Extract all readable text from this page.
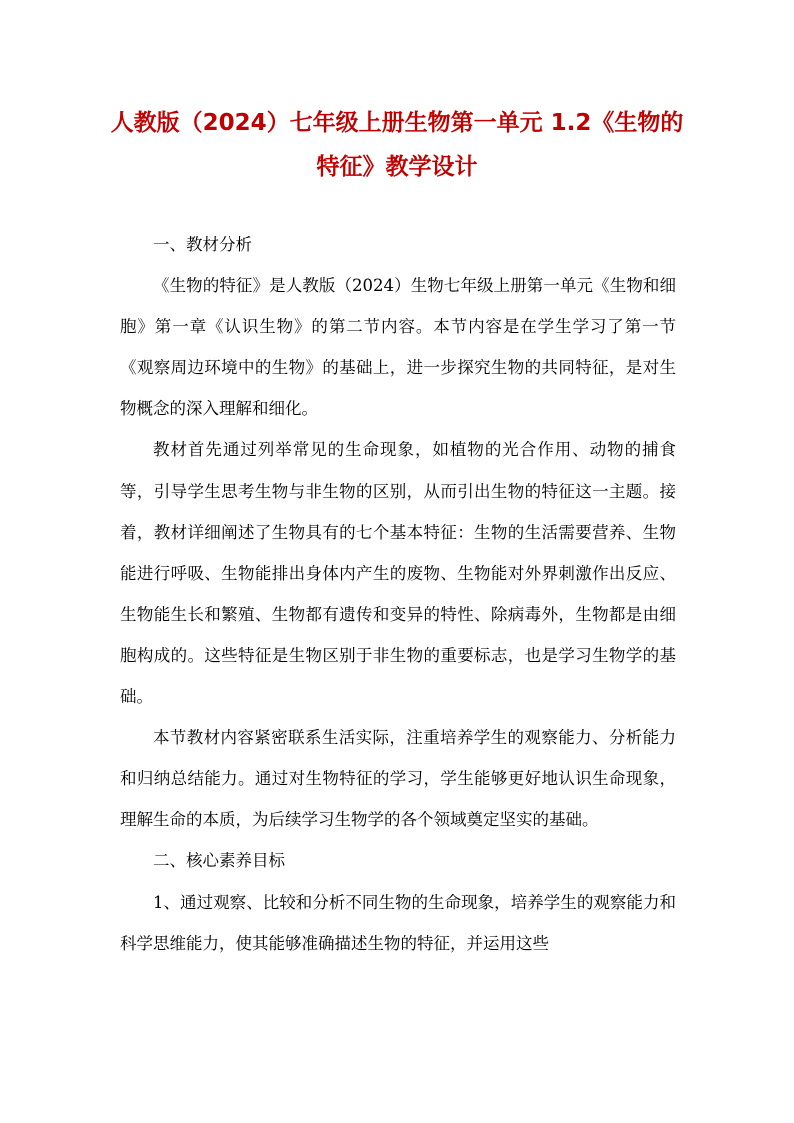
人教版（2024）七年级上册生物第一单元 1.2《生物的特征》教学设计

一、教材分析

《生物的特征》是人教版（2024）生物七年级上册第一单元《生物和细胞》第一章《认识生物》的第二节内容。本节内容是在学生学习了第一节《观察周边环境中的生物》的基础上，进一步探究生物的共同特征，是对生物概念的深入理解和细化。

教材首先通过列举常见的生命现象，如植物的光合作用、动物的捕食等，引导学生思考生物与非生物的区别，从而引出生物的特征这一主题。接着，教材详细阐述了生物具有的七个基本特征：生物的生活需要营养、生物能进行呼吸、生物能排出身体内产生的废物、生物能对外界刺激作出反应、生物能生长和繁殖、生物都有遗传和变异的特性、除病毒外，生物都是由细胞构成的。这些特征是生物区别于非生物的重要标志，也是学习生物学的基础。

本节教材内容紧密联系生活实际，注重培养学生的观察能力、分析能力和归纳总结能力。通过对生物特征的学习，学生能够更好地认识生命现象，理解生命的本质，为后续学习生物学的各个领域奠定坚实的基础。

二、核心素养目标

1、通过观察、比较和分析不同生物的生命现象，培养学生的观察能力和科学思维能力，使其能够准确描述生物的特征，并运用这些
